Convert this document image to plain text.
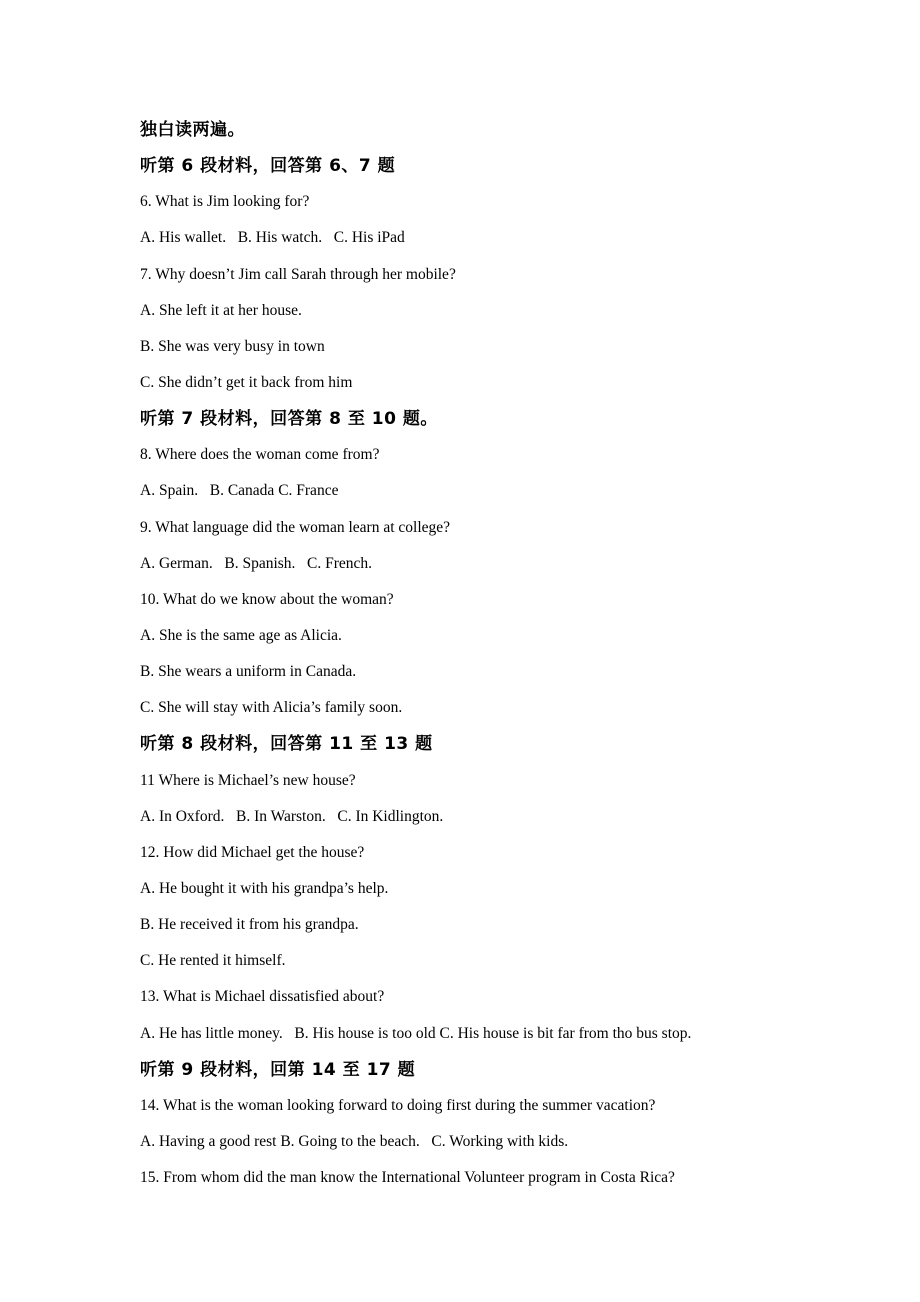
独白读两遍。
听第 6 段材料，回答第 6、7 题
6. What is Jim looking for?
A. His wallet.   B. His watch.   C. His iPad
7. Why doesn’t Jim call Sarah through her mobile?
A. She left it at her house.
B. She was very busy in town
C. She didn’t get it back from him
听第 7 段材料，回答第 8 至 10 题。
8. Where does the woman come from?
A. Spain.   B. Canada C. France
9. What language did the woman learn at college?
A. German.   B. Spanish.   C. French.
10. What do we know about the woman?
A. She is the same age as Alicia.
B. She wears a uniform in Canada.
C. She will stay with Alicia’s family soon.
听第 8 段材料，回答第 11 至 13 题
11 Where is Michael’s new house?
A. In Oxford.   B. In Warston.   C. In Kidlington.
12. How did Michael get the house?
A. He bought it with his grandpa’s help.
B. He received it from his grandpa.
C. He rented it himself.
13. What is Michael dissatisfied about?
A. He has little money.   B. His house is too old C. His house is bit far from tho bus stop.
听第 9 段材料，回第 14 至 17 题
14. What is the woman looking forward to doing first during the summer vacation?
A. Having a good rest B. Going to the beach.   C. Working with kids.
15. From whom did the man know the International Volunteer program in Costa Rica?
